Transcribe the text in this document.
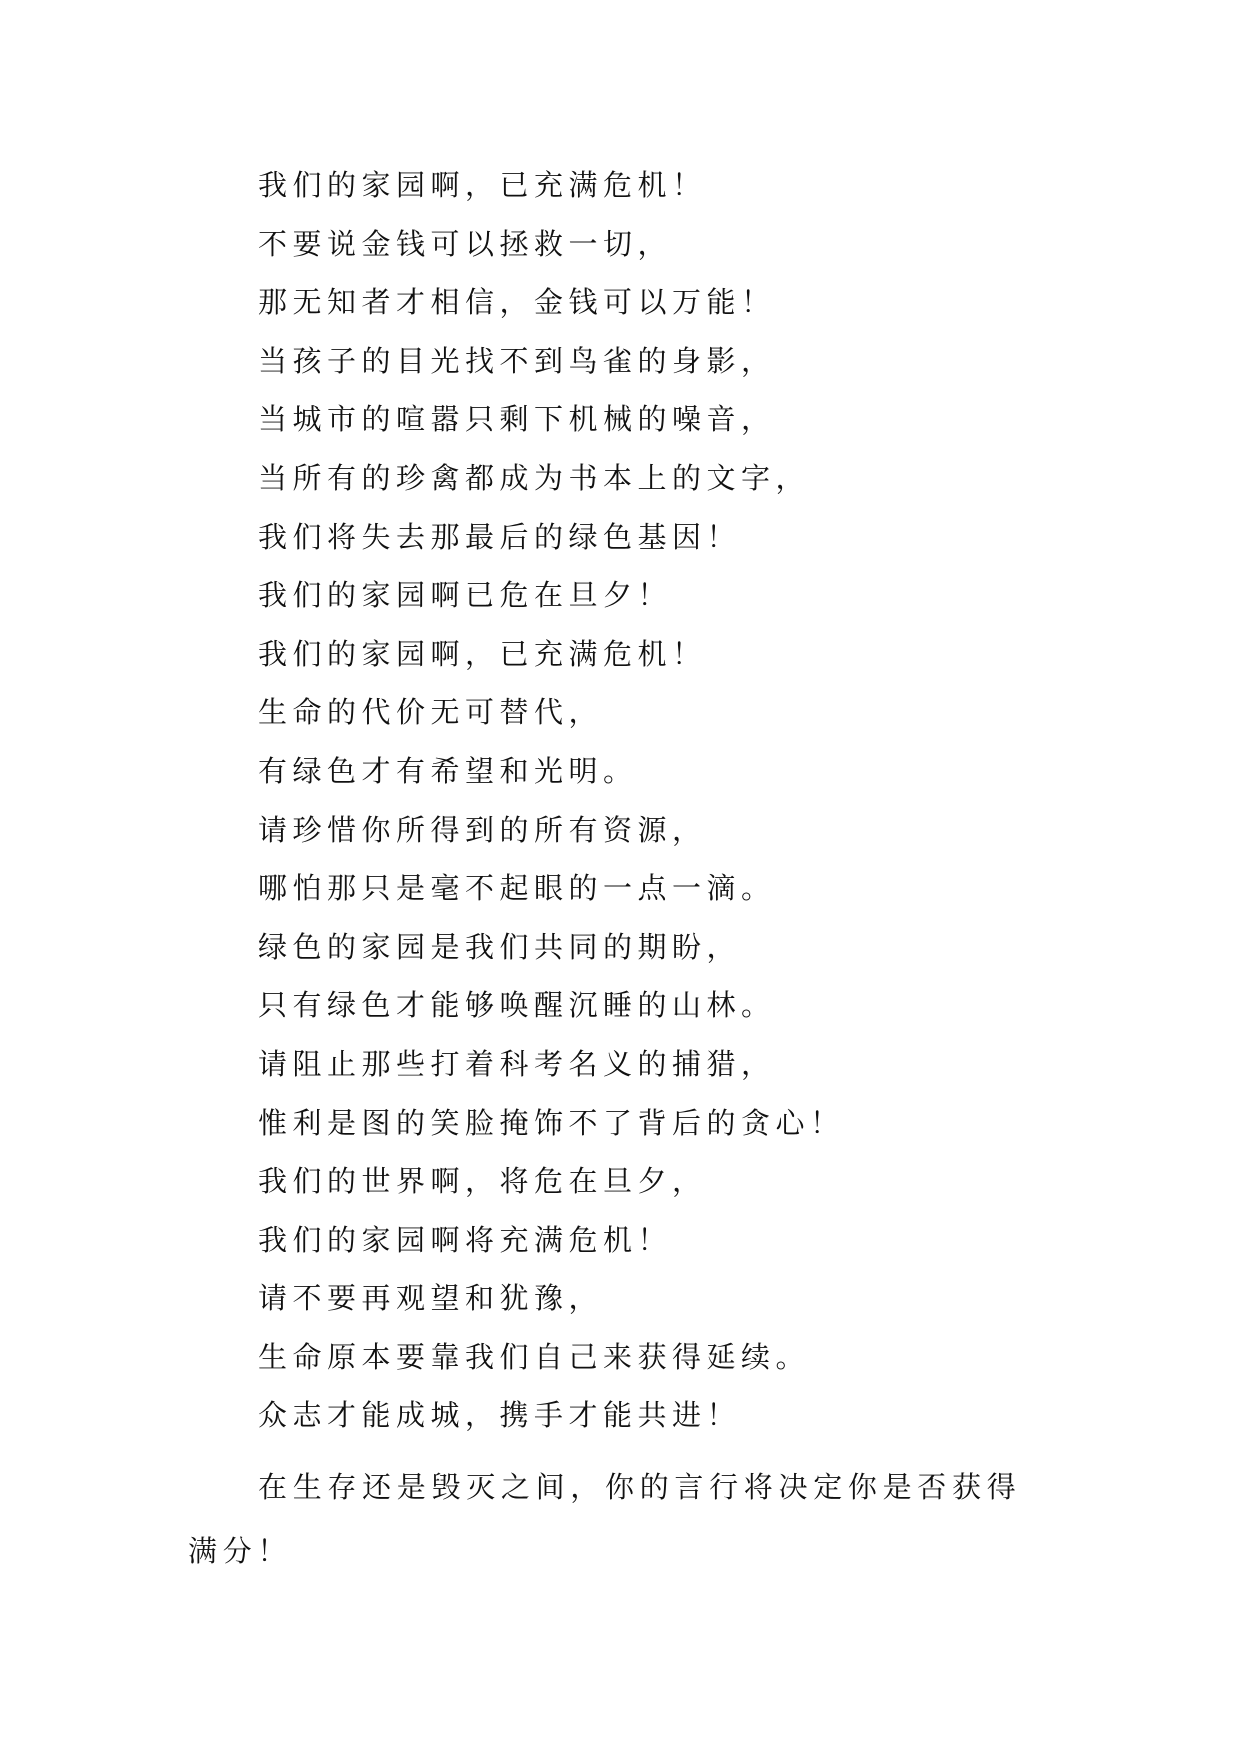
我们的家园啊，已充满危机！
不要说金钱可以拯救一切，
那无知者才相信，金钱可以万能！
当孩子的目光找不到鸟雀的身影，
当城市的喧嚣只剩下机械的噪音，
当所有的珍禽都成为书本上的文字，
我们将失去那最后的绿色基因！
我们的家园啊已危在旦夕！
我们的家园啊，已充满危机！
生命的代价无可替代，
有绿色才有希望和光明。
请珍惜你所得到的所有资源，
哪怕那只是毫不起眼的一点一滴。
绿色的家园是我们共同的期盼，
只有绿色才能够唤醒沉睡的山林。
请阻止那些打着科考名义的捕猎，
惟利是图的笑脸掩饰不了背后的贪心！
我们的世界啊，将危在旦夕，
我们的家园啊将充满危机！
请不要再观望和犹豫，
生命原本要靠我们自己来获得延续。
众志才能成城，携手才能共进！

在生存还是毁灭之间，你的言行将决定你是否获得满分！
